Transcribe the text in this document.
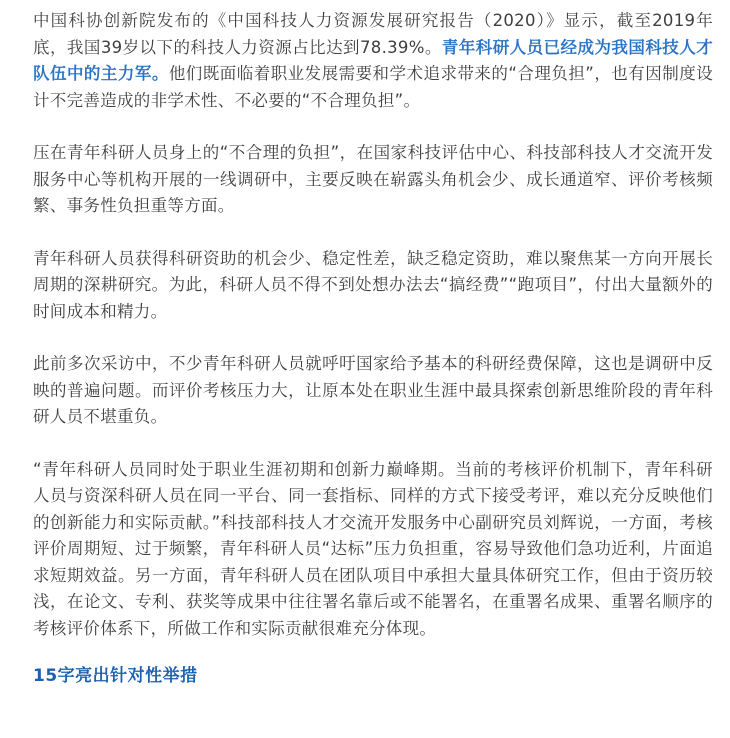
中国科协创新院发布的《中国科技人力资源发展研究报告（2020）》显示，截至2019年底，我国39岁以下的科技人力资源占比达到78.39%。青年科研人员已经成为我国科技人才队伍中的主力军。他们既面临着职业发展需要和学术追求带来的“合理负担”，也有因制度设计不完善造成的非学术性、不必要的“不合理负担”。

压在青年科研人员身上的“不合理的负担”，在国家科技评估中心、科技部科技人才交流开发服务中心等机构开展的一线调研中，主要反映在崭露头角机会少、成长通道窄、评价考核频繁、事务性负担重等方面。

青年科研人员获得科研资助的机会少、稳定性差，缺乏稳定资助，难以聚焦某一方向开展长周期的深耕研究。为此，科研人员不得不到处想办法去“搞经费”“跑项目”，付出大量额外的时间成本和精力。

此前多次采访中，不少青年科研人员就呼吁国家给予基本的科研经费保障，这也是调研中反映的普遍问题。而评价考核压力大，让原本处在职业生涯中最具探索创新思维阶段的青年科研人员不堪重负。

“青年科研人员同时处于职业生涯初期和创新力巅峰期。当前的考核评价机制下，青年科研人员与资深科研人员在同一平台、同一套指标、同样的方式下接受考评，难以充分反映他们的创新能力和实际贡献。”科技部科技人才交流开发服务中心副研究员刘辉说，一方面，考核评价周期短、过于频繁，青年科研人员“达标”压力负担重，容易导致他们急功近利，片面追求短期效益。另一方面，青年科研人员在团队项目中承担大量具体研究工作，但由于资历较浅，在论文、专利、获奖等成果中往往署名靠后或不能署名，在重署名成果、重署名顺序的考核评价体系下，所做工作和实际贡献很难充分体现。

15字亮出针对性举措
